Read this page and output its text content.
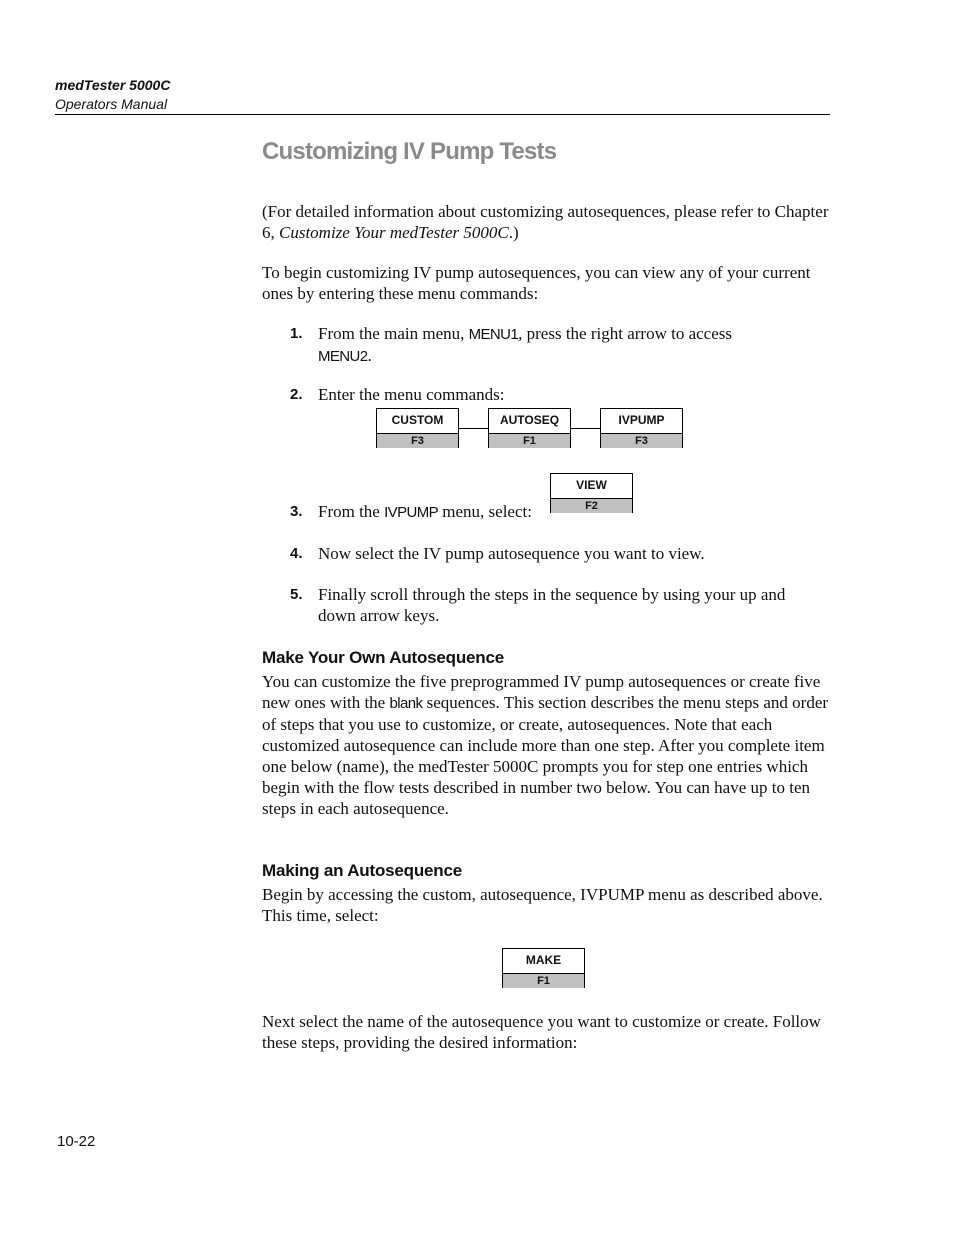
medTester 5000C
Operators Manual
Customizing IV Pump Tests
(For detailed information about customizing autosequences, please refer to Chapter 6, Customize Your medTester 5000C.)
To begin customizing IV pump autosequences, you can view any of your current ones by entering these menu commands:
1. From the main menu, MENU1, press the right arrow to access
MENU2.
2. Enter the menu commands:
CUSTOM
F3
AUTOSEQ
F1
IVPUMP
F3
VIEW
F2
3. From the IVPUMP menu, select:
4. Now select the IV pump autosequence you want to view.
5. Finally scroll through the steps in the sequence by using your up and down arrow keys.
Make Your Own Autosequence
You can customize the five preprogrammed IV pump autosequences or create five new ones with the blank sequences. This section describes the menu steps and order of steps that you use to customize, or create, autosequences. Note that each customized autosequence can include more than one step. After you complete item one below (name), the medTester 5000C prompts you for step one entries which begin with the flow tests described in number two below. You can have up to ten steps in each autosequence.
Making an Autosequence
Begin by accessing the custom, autosequence, IVPUMP menu as described above. This time, select:
MAKE
F1
Next select the name of the autosequence you want to customize or create. Follow these steps, providing the desired information:
10-22
